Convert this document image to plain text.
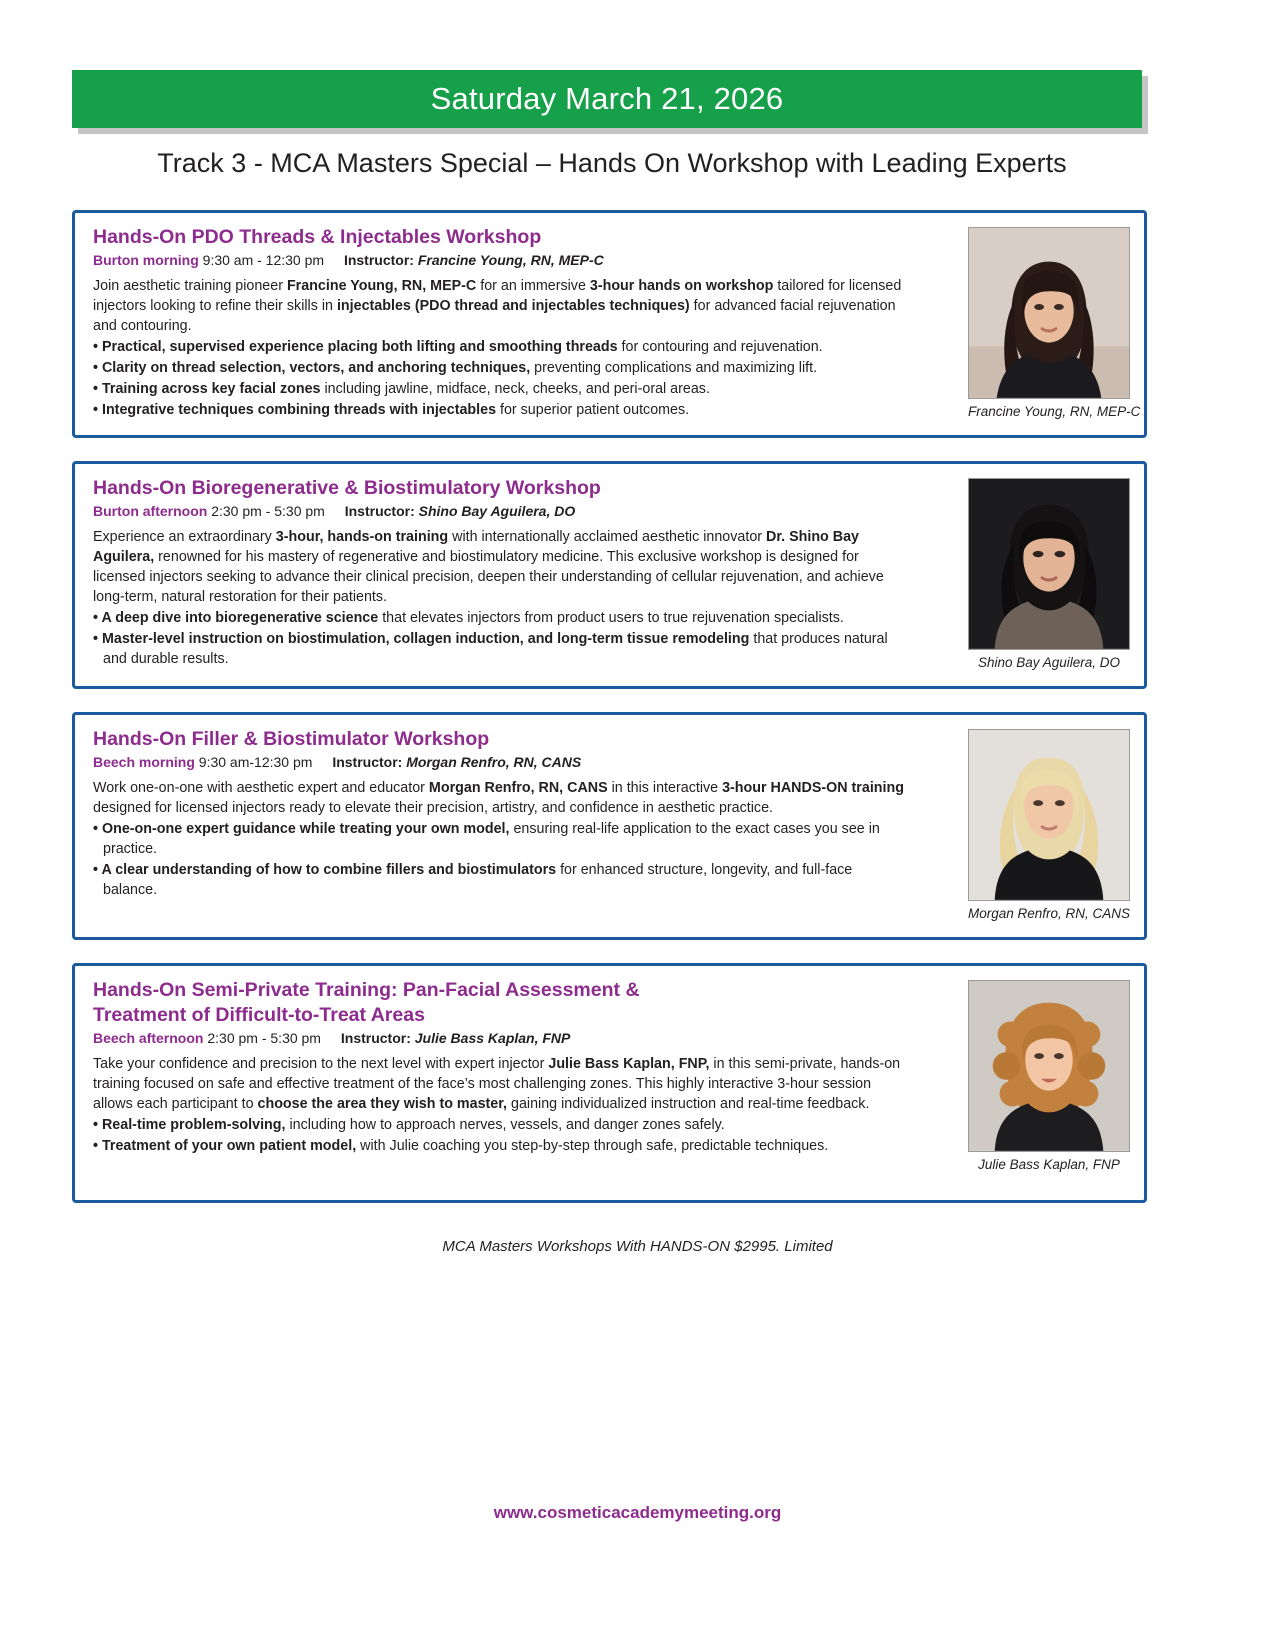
Saturday March 21, 2026
Track 3 - MCA Masters Special – Hands On Workshop with Leading Experts
Hands-On PDO Threads & Injectables Workshop
Burton morning 9:30 am - 12:30 pm Instructor: Francine Young, RN, MEP-C

Join aesthetic training pioneer Francine Young, RN, MEP-C for an immersive 3-hour hands on workshop tailored for licensed injectors looking to refine their skills in injectables (PDO thread and injectables techniques) for advanced facial rejuvenation and contouring.

• Practical, supervised experience placing both lifting and smoothing threads for contouring and rejuvenation.

• Clarity on thread selection, vectors, and anchoring techniques, preventing complications and maximizing lift.

• Training across key facial zones including jawline, midface, neck, cheeks, and peri-oral areas.

• Integrative techniques combining threads with injectables for superior patient outcomes.	Francine Young, RN, MEP-C
Hands-On Bioregenerative & Biostimulatory Workshop
Burton afternoon 2:30 pm - 5:30 pm Instructor: Shino Bay Aguilera, DO

Experience an extraordinary 3-hour, hands-on training with internationally acclaimed aesthetic innovator Dr. Shino Bay Aguilera, renowned for his mastery of regenerative and biostimulatory medicine. This exclusive workshop is designed for licensed injectors seeking to advance their clinical precision, deepen their understanding of cellular rejuvenation, and achieve long-term, natural restoration for their patients.

• A deep dive into bioregenerative science that elevates injectors from product users to true rejuvenation specialists.

• Master-level instruction on biostimulation, collagen induction, and long-term tissue remodeling that produces natural and durable results.	Shino Bay Aguilera, DO
Hands-On Filler & Biostimulator Workshop
Beech morning 9:30 am-12:30 pm Instructor: Morgan Renfro, RN, CANS

Work one-on-one with aesthetic expert and educator Morgan Renfro, RN, CANS in this interactive 3-hour HANDS-ON training designed for licensed injectors ready to elevate their precision, artistry, and confidence in aesthetic practice.

• One-on-one expert guidance while treating your own model, ensuring real-life application to the exact cases you see in practice.

• A clear understanding of how to combine fillers and biostimulators for enhanced structure, longevity, and full-face balance.

Morgan Renfro, RN, CANS
Hands-On Semi-Private Training: Pan-Facial Assessment &
Treatment of Difficult-to-Treat Areas
Beech afternoon 2:30 pm - 5:30 pm Instructor: Julie Bass Kaplan, FNP

Take your confidence and precision to the next level with expert injector Julie Bass Kaplan, FNP, in this semi-private, hands-on training focused on safe and effective treatment of the face’s most challenging zones. This highly interactive 3-hour session allows each participant to choose the area they wish to master, gaining individualized instruction and real-time feedback.

• Real-time problem-solving, including how to approach nerves, vessels, and danger zones safely.

• Treatment of your own patient model, with Julie coaching you step-by-step through safe, predictable techniques.

Julie Bass Kaplan, FNP
MCA Masters Workshops With HANDS-ON $2995. Limited
www.cosmeticacademymeeting.org
